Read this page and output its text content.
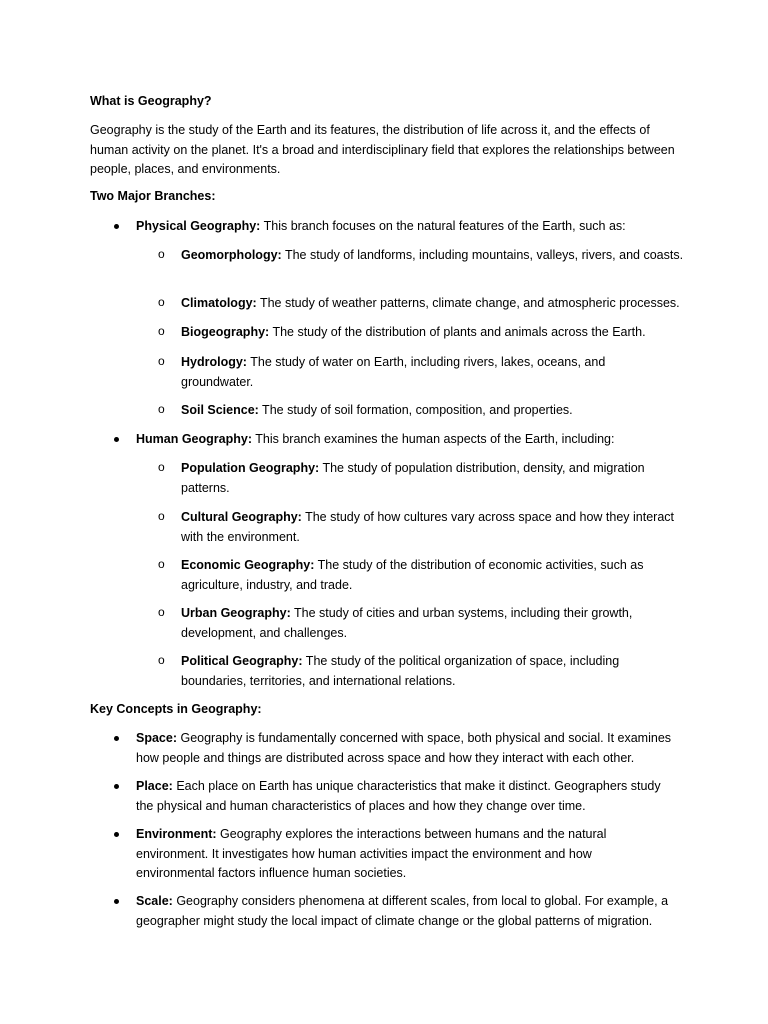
What is Geography?

Geography is the study of the Earth and its features, the distribution of life across it, and the effects of human activity on the planet. It's a broad and interdisciplinary field that explores the relationships between people, places, and environments.

Two Major Branches:

Physical Geography: This branch focuses on the natural features of the Earth, such as:

o Geomorphology: The study of landforms, including mountains, valleys, rivers, and coasts.

o Climatology: The study of weather patterns, climate change, and atmospheric processes.

o Biogeography: The study of the distribution of plants and animals across the Earth.

o Hydrology: The study of water on Earth, including rivers, lakes, oceans, and groundwater.

o Soil Science: The study of soil formation, composition, and properties.

Human Geography: This branch examines the human aspects of the Earth, including:

o Population Geography: The study of population distribution, density, and migration patterns.

o Cultural Geography: The study of how cultures vary across space and how they interact with the environment.

o Economic Geography: The study of the distribution of economic activities, such as agriculture, industry, and trade.

o Urban Geography: The study of cities and urban systems, including their growth, development, and challenges.

o Political Geography: The study of the political organization of space, including boundaries, territories, and international relations.

Key Concepts in Geography:

Space: Geography is fundamentally concerned with space, both physical and social. It examines how people and things are distributed across space and how they interact with each other.

Place: Each place on Earth has unique characteristics that make it distinct. Geographers study the physical and human characteristics of places and how they change over time.

Environment: Geography explores the interactions between humans and the natural environment. It investigates how human activities impact the environment and how environmental factors influence human societies.

Scale: Geography considers phenomena at different scales, from local to global. For example, a geographer might study the local impact of climate change or the global patterns of migration.
